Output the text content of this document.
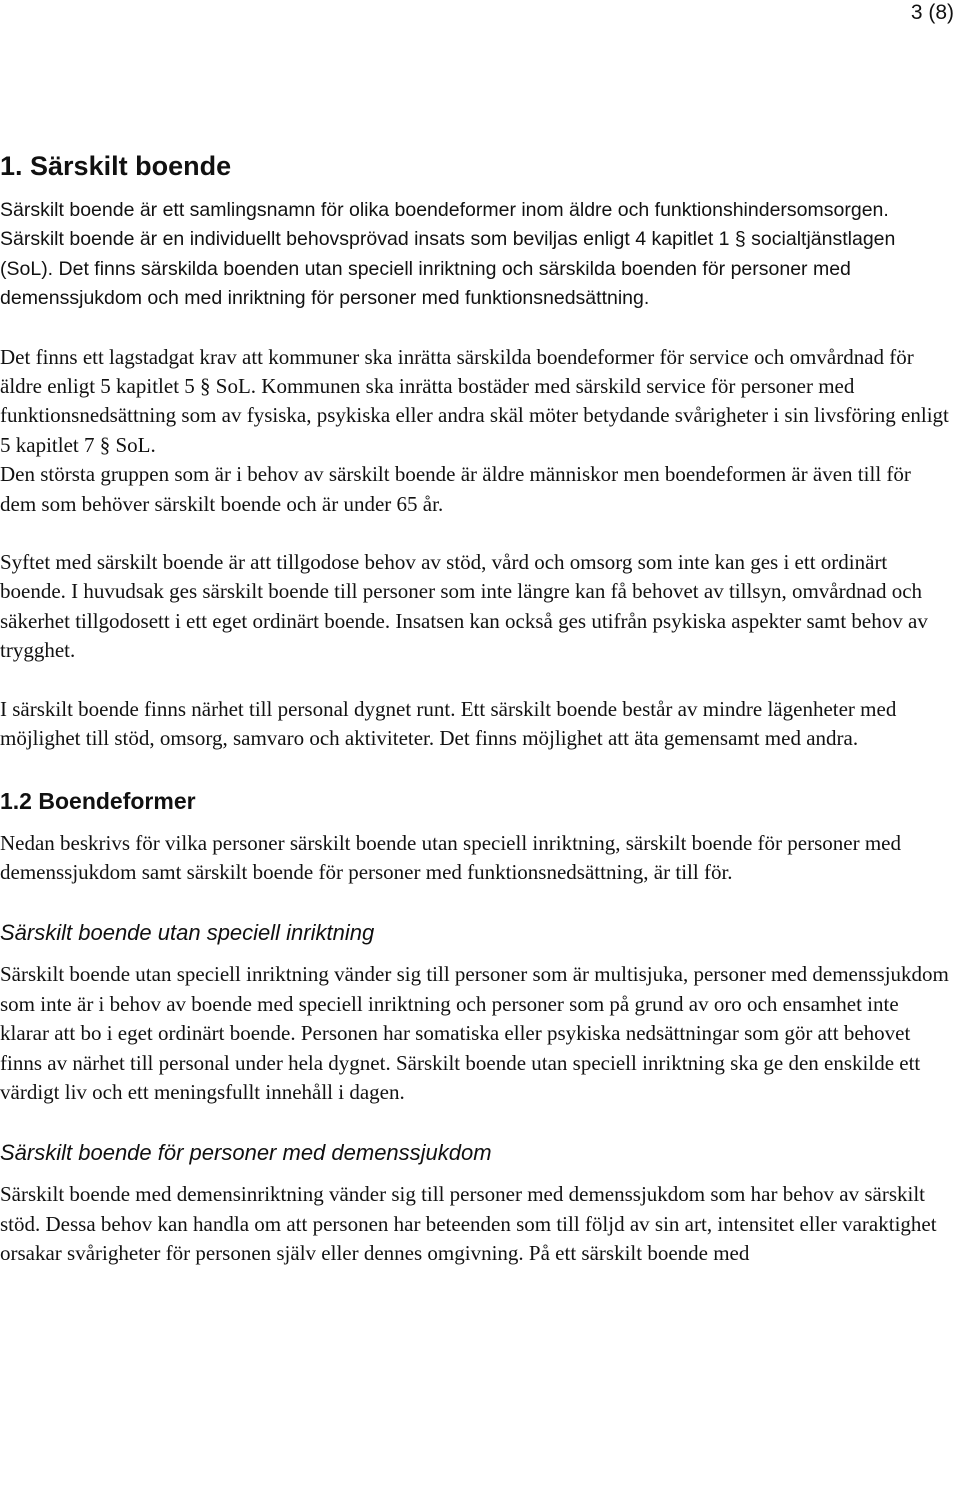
3 (8)
1. Särskilt boende

Särskilt boende är ett samlingsnamn för olika boendeformer inom äldre och funktionshindersomsorgen. Särskilt boende är en individuellt behovsprövad insats som beviljas enligt 4 kapitlet 1 § socialtjänstlagen (SoL). Det finns särskilda boenden utan speciell inriktning och särskilda boenden för personer med demenssjukdom och med inriktning för personer med funktionsnedsättning.

Det finns ett lagstadgat krav att kommuner ska inrätta särskilda boendeformer för service och omvårdnad för äldre enligt 5 kapitlet 5 § SoL. Kommunen ska inrätta bostäder med särskild service för personer med funktionsnedsättning som av fysiska, psykiska eller andra skäl möter betydande svårigheter i sin livsföring enligt 5 kapitlet 7 § SoL.

Den största gruppen som är i behov av särskilt boende är äldre människor men boendeformen är även till för dem som behöver särskilt boende och är under 65 år.

Syftet med särskilt boende är att tillgodose behov av stöd, vård och omsorg som inte kan ges i ett ordinärt boende. I huvudsak ges särskilt boende till personer som inte längre kan få behovet av tillsyn, omvårdnad och säkerhet tillgodosett i ett eget ordinärt boende. Insatsen kan också ges utifrån psykiska aspekter samt behov av trygghet.

I särskilt boende finns närhet till personal dygnet runt. Ett särskilt boende består av mindre lägenheter med möjlighet till stöd, omsorg, samvaro och aktiviteter. Det finns möjlighet att äta gemensamt med andra.

1.2 Boendeformer

Nedan beskrivs för vilka personer särskilt boende utan speciell inriktning, särskilt boende för personer med demenssjukdom samt särskilt boende för personer med funktionsnedsättning, är till för.

Särskilt boende utan speciell inriktning

Särskilt boende utan speciell inriktning vänder sig till personer som är multisjuka, personer med demenssjukdom som inte är i behov av boende med speciell inriktning och personer som på grund av oro och ensamhet inte klarar att bo i eget ordinärt boende. Personen har somatiska eller psykiska nedsättningar som gör att behovet finns av närhet till personal under hela dygnet. Särskilt boende utan speciell inriktning ska ge den enskilde ett värdigt liv och ett meningsfullt innehåll i dagen.

Särskilt boende för personer med demenssjukdom

Särskilt boende med demensinriktning vänder sig till personer med demenssjukdom som har behov av särskilt stöd. Dessa behov kan handla om att personen har beteenden som till följd av sin art, intensitet eller varaktighet orsakar svårigheter för personen själv eller dennes omgivning. På ett särskilt boende med
